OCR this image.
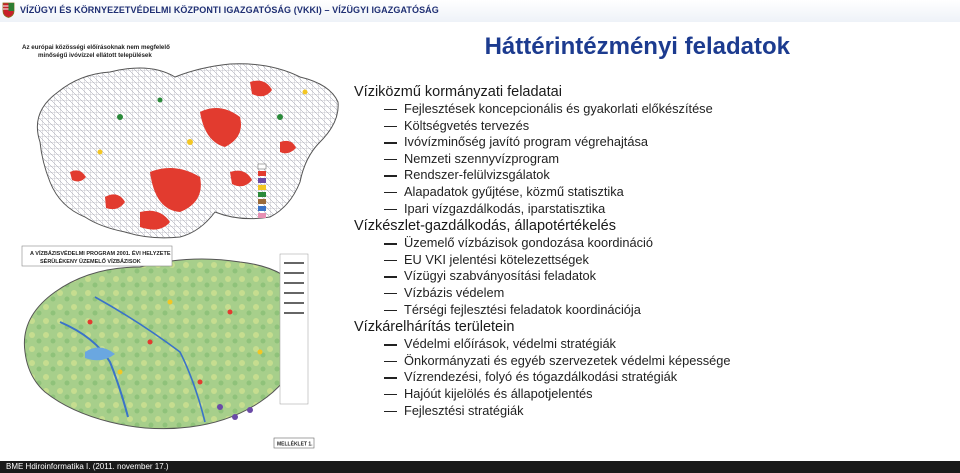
VÍZÜGYI ÉS KÖRNYEZETVÉDELMI KÖZPONTI IGAZGATÓSÁG (VKKI) – VÍZÜGYI IGAZGATÓSÁG
Háttérintézményi feladatok
Az európai közösségi előírásoknak nem megfelelő
minőségű ivóvízzel ellátott települések
A VÍZBÁZISVÉDELMI PROGRAM 2001. ÉVI HELYZETE
SÉRÜLÉKENY ÜZEMELŐ VÍZBÁZISOK
MELLÉKLET 1.
Víziközmű kormányzati feladatai
Fejlesztések koncepcionális és gyakorlati előkészítése
Költségvetés tervezés
Ivóvízminőség javító program végrehajtása
Nemzeti szennyvízprogram
Rendszer-felülvizsgálatok
Alapadatok gyűjtése, közmű statisztika
Ipari vízgazdálkodás, iparstatisztika
Vízkészlet-gazdálkodás, állapotértékelés
Üzemelő vízbázisok gondozása koordináció
EU VKI jelentési kötelezettségek
Vízügyi szabványosítási feladatok
Vízbázis védelem
Térségi fejlesztési feladatok koordinációja
Vízkárelhárítás területein
Védelmi előírások, védelmi stratégiák
Önkormányzati és egyéb szervezetek védelmi képessége
Vízrendezési, folyó és tógazdálkodási stratégiák
Hajóút kijelölés és állapotjelentés
Fejlesztési stratégiák
BME Hdiroinformatika I. (2011. november 17.)
